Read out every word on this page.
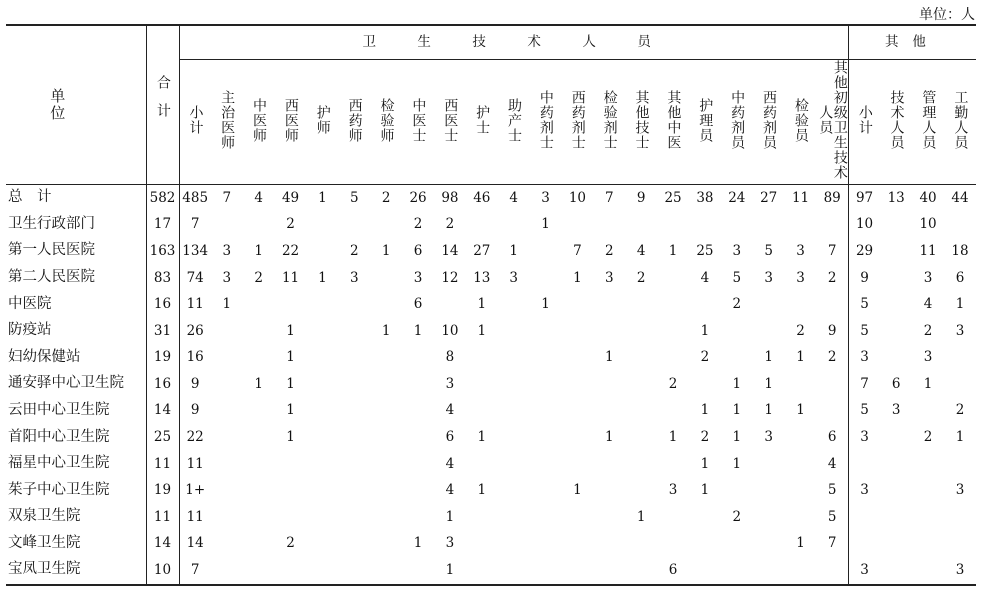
单位：人
单　位	合计	卫　生　技　术　人　员																					其他			
		小计	主治医师	中医师	西医师	护师	西药师	检验师	中医士	西医士	护士	助产士	中药剂士	西药剂士	检验剂士	其他技士	其他中医	护理员	中药剂员	西药剂员	检验员	其他初级卫生技术人员	小计	技术人员	管理人员	工勤人员
总　计	582	485	7	4	49	1	5	2	26	98	46	4	3	10	7	9	25	38	24	27	11	89	97	13	40	44
卫生行政部门	17	7			2				2	2			1										10		10	
第一人民医院	163	134	3	1	22		2	1	6	14	27	1		7	2	4	1	25	3	5	3	7	29		11	18
第二人民医院	83	74	3	2	11	1	3		3	12	13	3		1	3	2		4	5	3	3	2	9		3	6
中医院	16	11	1						6		1		1						2				5		4	1
防疫站	31	26			1			1	1	10	1							1			2	9	5		2	3
妇幼保健站	19	16			1					8					1			2		1	1	2	3		3	
通安驿中心卫生院	16	9		1	1					3							2		1	1			7	6	1	
云田中心卫生院	14	9			1					4								1	1	1	1		5	3		2
首阳中心卫生院	25	22			1					6	1				1		1	2	1	3		6	3		2	1
福星中心卫生院	11	11								4								1	1			4				
茱子中心卫生院	19	1+								4	1			1			3	1				5	3			3
双泉卫生院	11	11								1						1			2			5				
文峰卫生院	14	14			2				1	3											1	7				
宝凤卫生院	10	7								1							6						3			3
